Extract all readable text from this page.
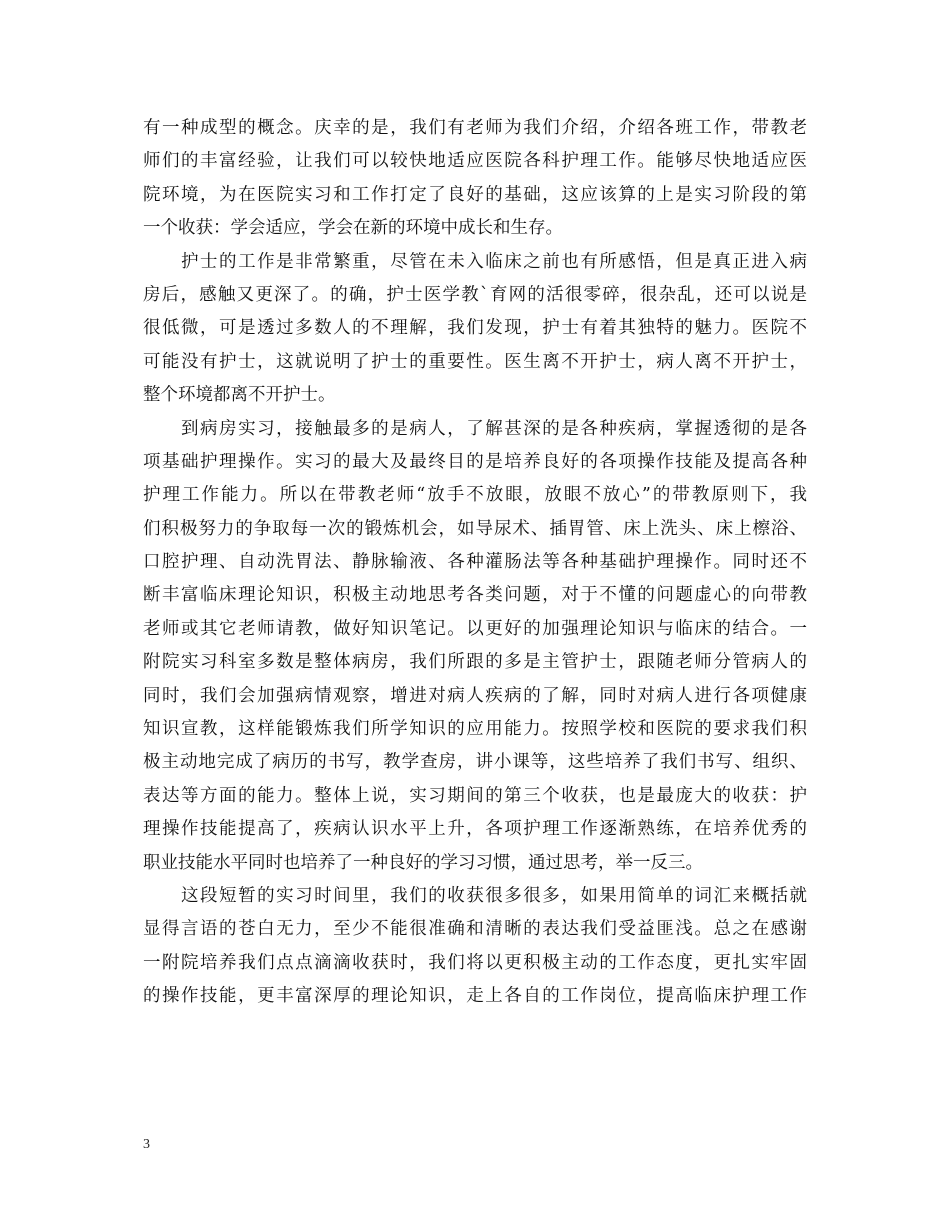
有一种成型的概念。庆幸的是，我们有老师为我们介绍，介绍各班工作，带教老
师们的丰富经验，让我们可以较快地适应医院各科护理工作。能够尽快地适应医
院环境，为在医院实习和工作打定了良好的基础，这应该算的上是实习阶段的第
一个收获：学会适应，学会在新的环境中成长和生存。
　　护士的工作是非常繁重，尽管在未入临床之前也有所感悟，但是真正进入病
房后，感触又更深了。的确，护士医学教`育网的活很零碎，很杂乱，还可以说是
很低微，可是透过多数人的不理解，我们发现，护士有着其独特的魅力。医院不
可能没有护士，这就说明了护士的重要性。医生离不开护士，病人离不开护士，
整个环境都离不开护士。
　　到病房实习，接触最多的是病人，了解甚深的是各种疾病，掌握透彻的是各
项基础护理操作。实习的最大及最终目的是培养良好的各项操作技能及提高各种
护理工作能力。所以在带教老师“放手不放眼，放眼不放心”的带教原则下，我
们积极努力的争取每一次的锻炼机会，如导尿术、插胃管、床上洗头、床上檫浴、
口腔护理、自动洗胃法、静脉输液、各种灌肠法等各种基础护理操作。同时还不
断丰富临床理论知识，积极主动地思考各类问题，对于不懂的问题虚心的向带教
老师或其它老师请教，做好知识笔记。以更好的加强理论知识与临床的结合。一
附院实习科室多数是整体病房，我们所跟的多是主管护士，跟随老师分管病人的
同时，我们会加强病情观察，增进对病人疾病的了解，同时对病人进行各项健康
知识宣教，这样能锻炼我们所学知识的应用能力。按照学校和医院的要求我们积
极主动地完成了病历的书写，教学查房，讲小课等，这些培养了我们书写、组织、
表达等方面的能力。整体上说，实习期间的第三个收获，也是最庞大的收获：护
理操作技能提高了，疾病认识水平上升，各项护理工作逐渐熟练，在培养优秀的
职业技能水平同时也培养了一种良好的学习习惯，通过思考，举一反三。
　　这段短暂的实习时间里，我们的收获很多很多，如果用简单的词汇来概括就
显得言语的苍白无力，至少不能很准确和清晰的表达我们受益匪浅。总之在感谢
一附院培养我们点点滴滴收获时，我们将以更积极主动的工作态度，更扎实牢固
的操作技能，更丰富深厚的理论知识，走上各自的工作岗位，提高临床护理工作
3
